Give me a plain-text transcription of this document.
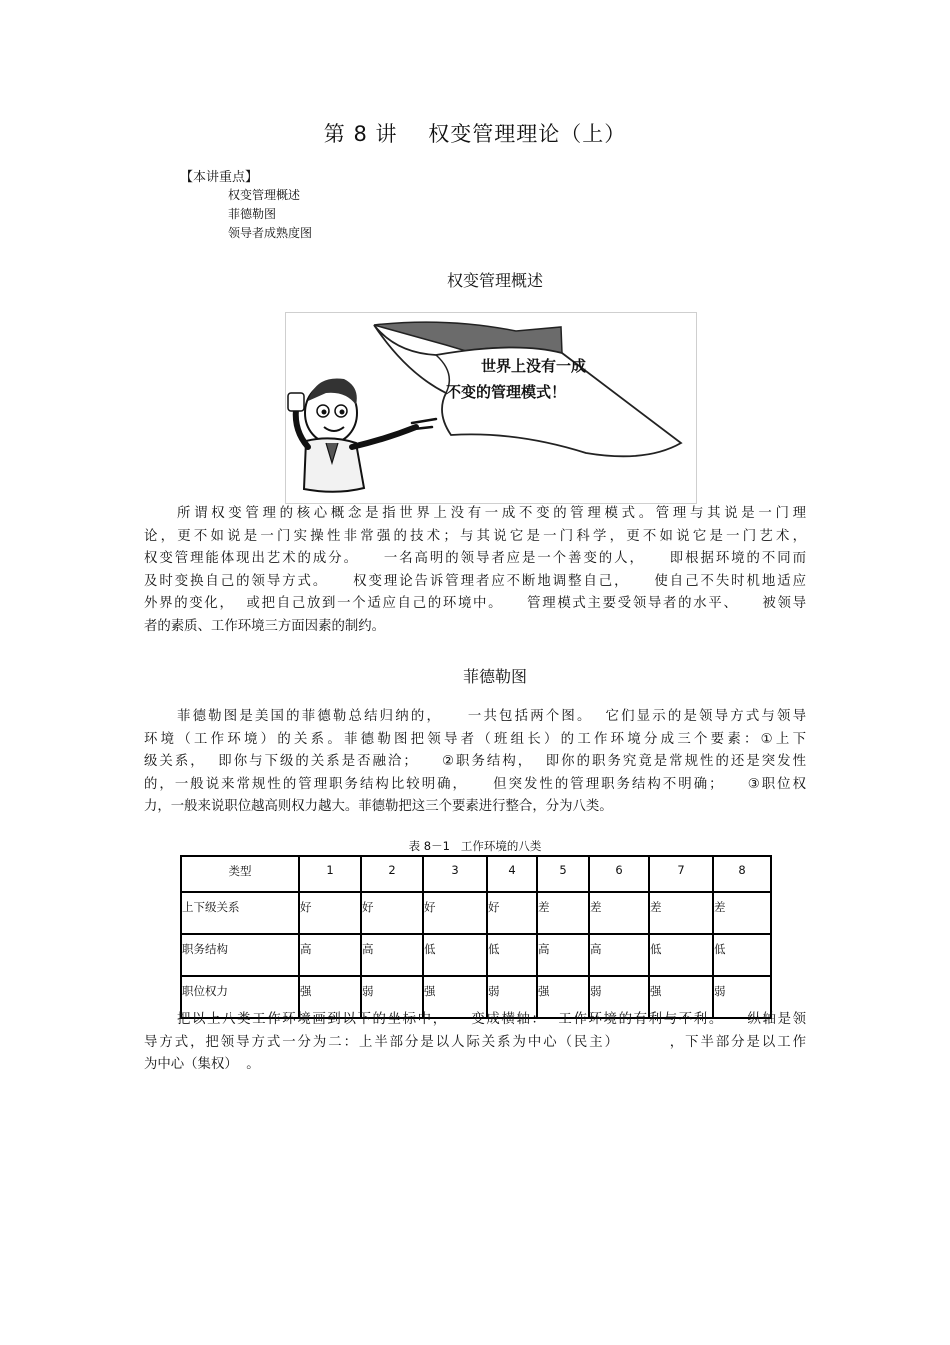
第 8 讲    权变管理理论（上）
【本讲重点】
权变管理概述
菲德勒图
领导者成熟度图
权变管理概述
世界上没有一成
不变的管理模式！
所谓权变管理的核心概念是指世界上没有一成不变的管理模式。管理与其说是一门理
论，更不如说是一门实操性非常强的技术；与其说它是一门科学，更不如说它是一门艺术，
权变管理能体现出艺术的成分。    一名高明的领导者应是一个善变的人，    即根据环境的不同而
及时变换自己的领导方式。    权变理论告诉管理者应不断地调整自己，    使自己不失时机地适应
外界的变化，  或把自己放到一个适应自己的环境中。    管理模式主要受领导者的水平、    被领导
者的素质、工作环境三方面因素的制约。
菲德勒图
菲德勒图是美国的菲德勒总结归纳的，    一共包括两个图。  它们显示的是领导方式与领导
环境（工作环境）的关系。菲德勒图把领导者（班组长）的工作环境分成三个要素：①上下
级关系，  即你与下级的关系是否融洽；    ②职务结构，  即你的职务究竟是常规性的还是突发性
的，一般说来常规性的管理职务结构比较明确，    但突发性的管理职务结构不明确；    ③职位权
力，一般来说职位越高则权力越大。菲德勒把这三个要素进行整合，分为八类。
表 8－1   工作环境的八类
类型	1	2	3	4	5	6	7	8
上下级关系	好	好	好	好	差	差	差	差
职务结构	高	高	低	低	高	高	低	低
职位权力	强	弱	强	弱	强	弱	强	弱
把以上八类工作环境画到以下的坐标中，    变成横轴：  工作环境的有利与不利。    纵轴是领
导方式，把领导方式一分为二：上半部分是以人际关系为中心（民主）        ，下半部分是以工作
为中心（集权）  。
